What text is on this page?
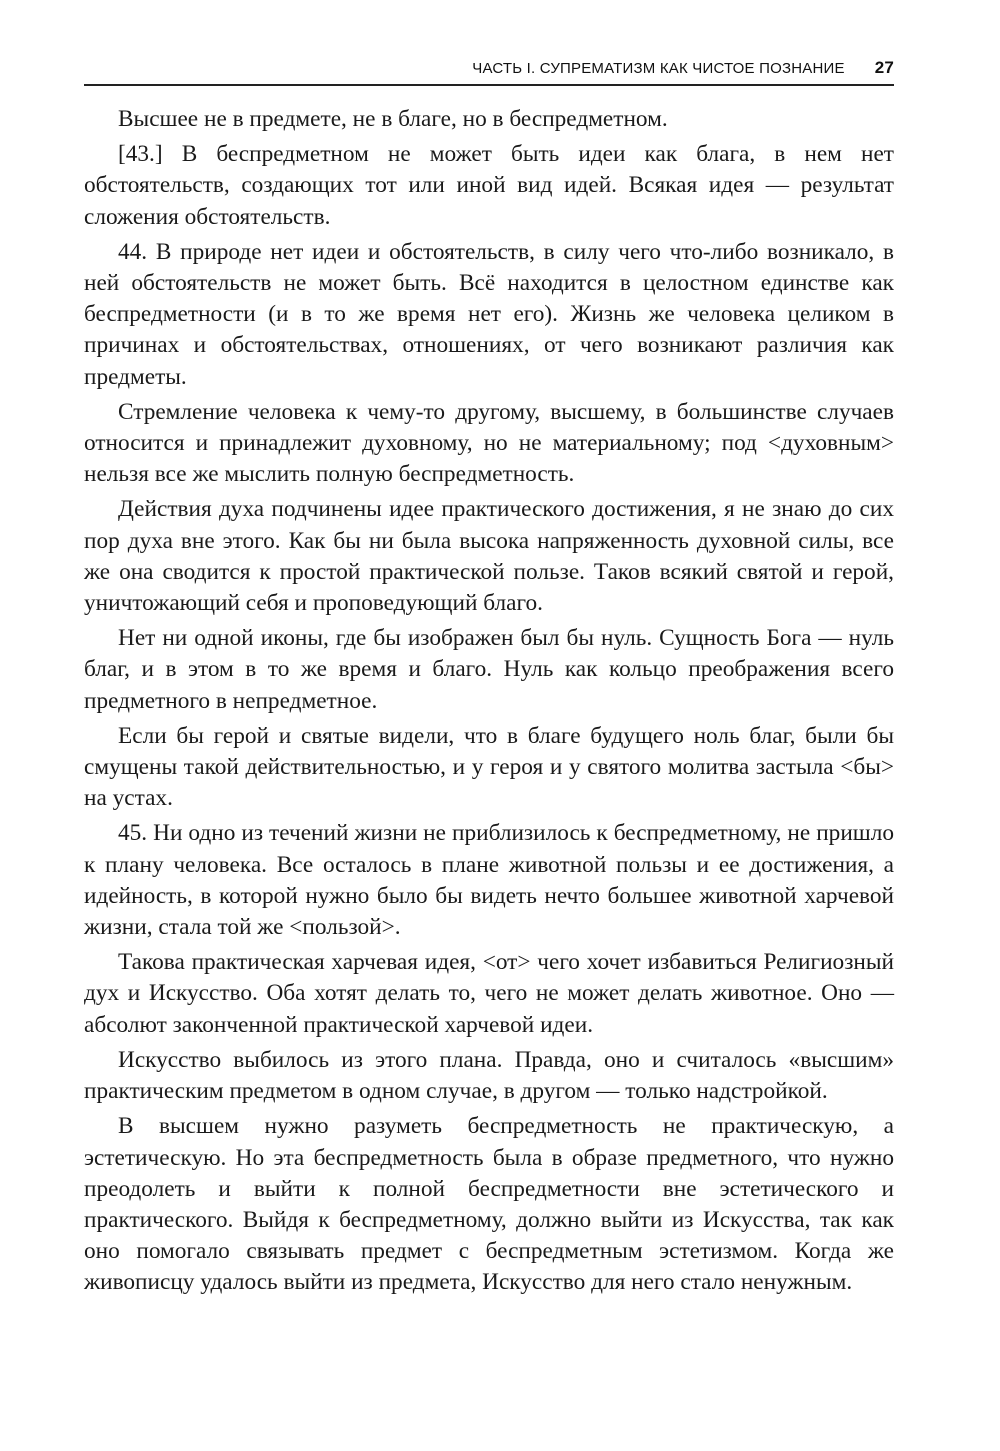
ЧАСТЬ I. СУПРЕМАТИЗМ КАК ЧИСТОЕ ПОЗНАНИЕ 27

Высшее не в предмете, не в благе, но в беспредметном.

[43.] В беспредметном не может быть идеи как блага, в нем нет обстоятельств, создающих тот или иной вид идей. Всякая идея — результат сложения обстоятельств.

44. В природе нет идеи и обстоятельств, в силу чего что-либо возникало, в ней обстоятельств не может быть. Всё находится в целостном единстве как беспредметности (и в то же время нет его). Жизнь же человека целиком в причинах и обстоятельствах, отношениях, от чего возникают различия как предметы.

Стремление человека к чему-то другому, высшему, в большинстве случаев относится и принадлежит духовному, но не материальному; под <духовным> нельзя все же мыслить полную беспредметность.

Действия духа подчинены идее практического достижения, я не знаю до сих пор духа вне этого. Как бы ни была высока напряженность духовной силы, все же она сводится к простой практической пользе. Таков всякий святой и герой, уничтожающий себя и проповедующий благо.

Нет ни одной иконы, где бы изображен был бы нуль. Сущность Бога — нуль благ, и в этом в то же время и благо. Нуль как кольцо преображения всего предметного в непредметное.

Если бы герой и святые видели, что в благе будущего ноль благ, были бы смущены такой действительностью, и у героя и у святого молитва застыла <бы> на устах.

45. Ни одно из течений жизни не приблизилось к беспредметному, не пришло к плану человека. Все осталось в плане животной пользы и ее достижения, а идейность, в которой нужно было бы видеть нечто большее животной харчевой жизни, стала той же <пользой>.

Такова практическая харчевая идея, <от> чего хочет избавиться Религиозный дух и Искусство. Оба хотят делать то, чего не может делать животное. Оно — абсолют законченной практической харчевой идеи.

Искусство выбилось из этого плана. Правда, оно и считалось «высшим» практическим предметом в одном случае, в другом — только надстройкой.

В высшем нужно разуметь беспредметность не практическую, а эстетическую. Но эта беспредметность была в образе предметного, что нужно преодолеть и выйти к полной беспредметности вне эстетического и практического. Выйдя к беспредметному, должно выйти из Искусства, так как оно помогало связывать предмет с беспредметным эстетизмом. Когда же живописцу удалось выйти из предмета, Искусство для него стало ненужным.
